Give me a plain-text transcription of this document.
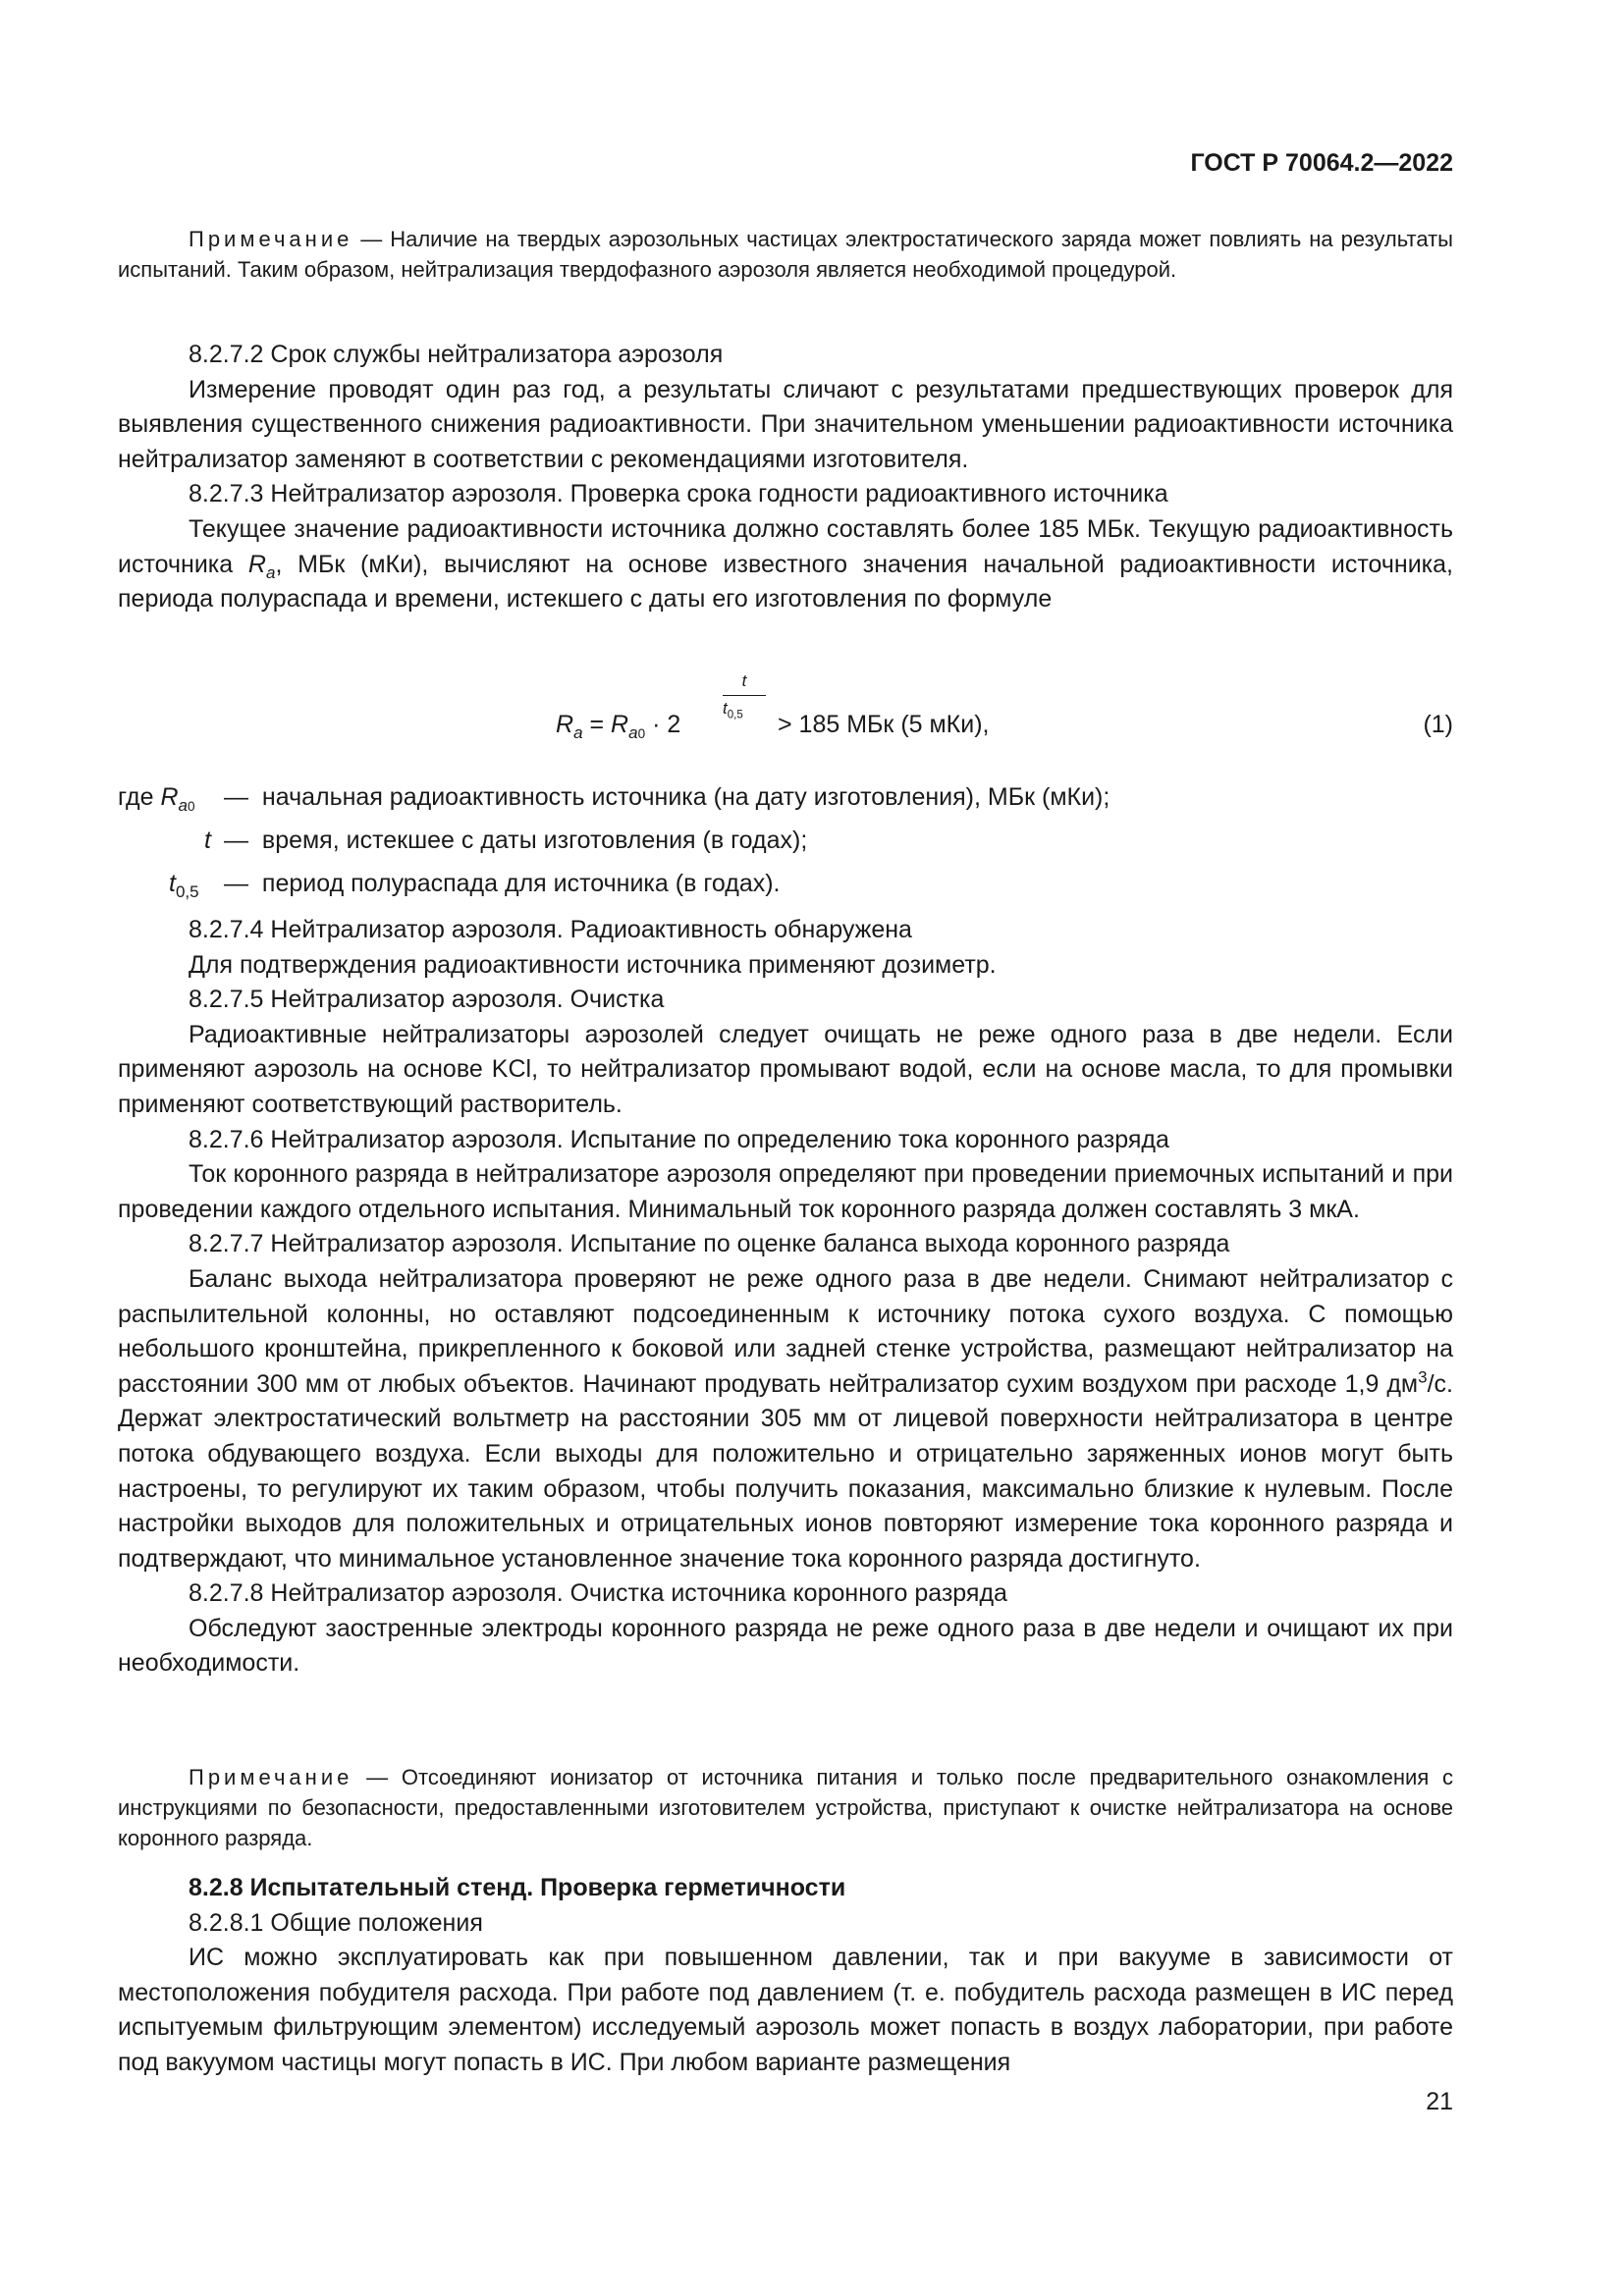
ГОСТ Р 70064.2—2022

Примечание — Наличие на твердых аэрозольных частицах электростатического заряда может повлиять на результаты испытаний. Таким образом, нейтрализация твердофазного аэрозоля является необходимой процедурой.

8.2.7.2 Срок службы нейтрализатора аэрозоля

Измерение проводят один раз год, а результаты сличают с результатами предшествующих проверок для выявления существенного снижения радиоактивности. При значительном уменьшении радиоактивности источника нейтрализатор заменяют в соответствии с рекомендациями изготовителя.

8.2.7.3 Нейтрализатор аэрозоля. Проверка срока годности радиоактивного источника

Текущее значение радиоактивности источника должно составлять более 185 МБк. Текущую радиоактивность источника $R_a$, МБк (мКи), вычисляют на основе известного значения начальной радиоактивности источника, периода полураспада и времени, истекшего с даты его изготовления по формуле

$R_a = R_{a0} \cdot 2$
t
$t_{0,5} > 185$ МБк (5 мКи),	(1)
где $R_{a0}$ — начальная радиоактивность источника (на дату изготовления), МБк (мКи);
t — время, истекшее с даты изготовления (в годах);
$t_{0,5}$ — период полураспада для источника (в годах).

8.2.7.4 Нейтрализатор аэрозоля. Радиоактивность обнаружена

Для подтверждения радиоактивности источника применяют дозиметр.

8.2.7.5 Нейтрализатор аэрозоля. Очистка

Радиоактивные нейтрализаторы аэрозолей следует очищать не реже одного раза в две недели. Если применяют аэрозоль на основе KCl, то нейтрализатор промывают водой, если на основе масла, то для промывки применяют соответствующий растворитель.

8.2.7.6 Нейтрализатор аэрозоля. Испытание по определению тока коронного разряда

Ток коронного разряда в нейтрализаторе аэрозоля определяют при проведении приемочных испытаний и при проведении каждого отдельного испытания. Минимальный ток коронного разряда должен составлять 3 мкА.

8.2.7.7 Нейтрализатор аэрозоля. Испытание по оценке баланса выхода коронного разряда

Баланс выхода нейтрализатора проверяют не реже одного раза в две недели. Снимают нейтрализатор с распылительной колонны, но оставляют подсоединенным к источнику потока сухого воздуха. С помощью небольшого кронштейна, прикрепленного к боковой или задней стенке устройства, размещают нейтрализатор на расстоянии 300 мм от любых объектов. Начинают продувать нейтрализатор сухим воздухом при расходе 1,9 $дм^3/с$. Держат электростатический вольтметр на расстоянии 305 мм от лицевой поверхности нейтрализатора в центре потока обдувающего воздуха. Если выходы для положительно и отрицательно заряженных ионов могут быть настроены, то регулируют их таким образом, чтобы получить показания, максимально близкие к нулевым. После настройки выходов для положительных и отрицательных ионов повторяют измерение тока коронного разряда и подтверждают, что минимальное установленное значение тока коронного разряда достигнуто.

8.2.7.8 Нейтрализатор аэрозоля. Очистка источника коронного разряда

Обследуют заостренные электроды коронного разряда не реже одного раза в две недели и очищают их при необходимости.

Примечание — Отсоединяют ионизатор от источника питания и только после предварительного ознакомления с инструкциями по безопасности, предоставленными изготовителем устройства, приступают к очистке нейтрализатора на основе коронного разряда.

8.2.8 Испытательный стенд. Проверка герметичности

8.2.8.1 Общие положения

ИС можно эксплуатировать как при повышенном давлении, так и при вакууме в зависимости от местоположения побудителя расхода. При работе под давлением (т. е. побудитель расхода размещен в ИС перед испытуемым фильтрующим элементом) исследуемый аэрозоль может попасть в воздух лаборатории, при работе под вакуумом частицы могут попасть в ИС. При любом варианте размещения

21
